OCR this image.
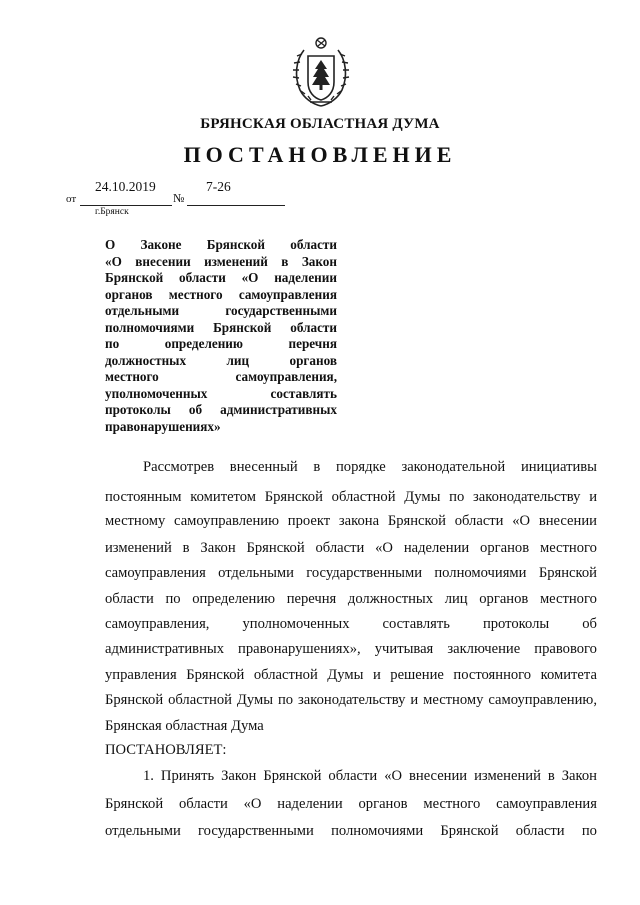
БРЯНСКАЯ ОБЛАСТНАЯ ДУМА
ПОСТАНОВЛЕНИЕ
от
24.10.2019
№
7-26
г.Брянск
О Законе Брянской области
«О внесении изменений в Закон
Брянской области «О наделении
органов местного самоуправления
отдельными	государственными
полномочиями Брянской области
по	определению	перечня
должностных	лиц	органов
местного	самоуправления,
уполномоченных	составлять
протоколы об административных
правонарушениях»
Рассмотрев внесенный в порядке законодательной инициативы
постоянным комитетом Брянской областной Думы по законодательству и
местному самоуправлению проект закона Брянской области «О внесении
изменений в Закон Брянской области «О наделении органов местного
самоуправления отдельными государственными полномочиями Брянской
области по определению перечня должностных лиц органов местного
самоуправления, уполномоченных составлять протоколы об
административных правонарушениях», учитывая заключение правового
управления Брянской областной Думы и решение постоянного комитета
Брянской областной Думы по законодательству и местному самоуправлению,
Брянская областная Дума
ПОСТАНОВЛЯЕТ:
1. Принять Закон Брянской области «О внесении изменений в Закон
Брянской области «О наделении органов местного самоуправления
отдельными государственными полномочиями Брянской области по
